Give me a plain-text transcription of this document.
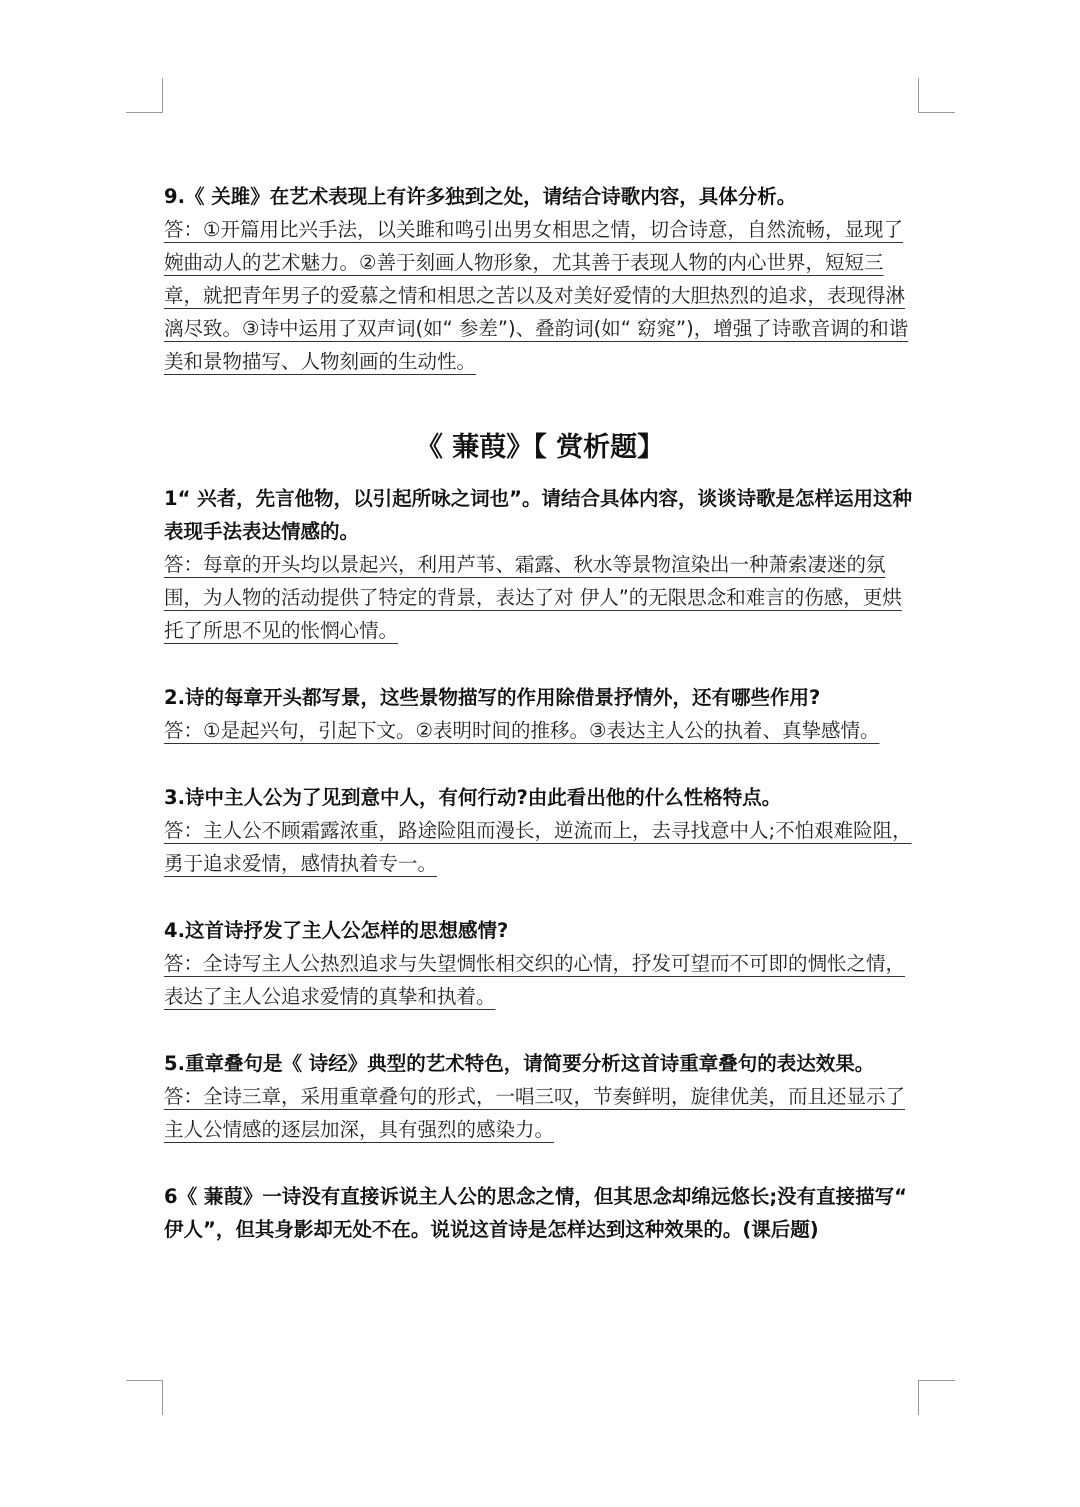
9.《 关雎》在艺术表现上有许多独到之处，请结合诗歌内容，具体分析。

答：①开篇用比兴手法，以关雎和鸣引出男女相思之情，切合诗意，自然流畅，显现了婉曲动人的艺术魅力。②善于刻画人物形象，尤其善于表现人物的内心世界，短短三章，就把青年男子的爱慕之情和相思之苦以及对美好爱情的大胆热烈的追求，表现得淋漓尽致。③诗中运用了双声词(如“ 参差”)、叠韵词(如“ 窈窕”)，增强了诗歌音调的和谐美和景物描写、人物刻画的生动性。

《 蒹葭》【 赏析题】

1“ 兴者，先言他物，以引起所咏之词也”。请结合具体内容，谈谈诗歌是怎样运用这种表现手法表达情感的。

答：每章的开头均以景起兴，利用芦苇、霜露、秋水等景物渲染出一种萧索凄迷的氛围，为人物的活动提供了特定的背景，表达了对 伊人”的无限思念和难言的伤感，更烘托了所思不见的怅惘心情。

2.诗的每章开头都写景，这些景物描写的作用除借景抒情外，还有哪些作用?

答：①是起兴句，引起下文。②表明时间的推移。③表达主人公的执着、真挚感情。

3.诗中主人公为了见到意中人，有何行动?由此看出他的什么性格特点。

答：主人公不顾霜露浓重，路途险阻而漫长，逆流而上，去寻找意中人;不怕艰难险阻，勇于追求爱情，感情执着专一。

4.这首诗抒发了主人公怎样的思想感情?

答：全诗写主人公热烈追求与失望惆怅相交织的心情，抒发可望而不可即的惆怅之情，表达了主人公追求爱情的真挚和执着。

5.重章叠句是《 诗经》典型的艺术特色，请简要分析这首诗重章叠句的表达效果。

答：全诗三章，采用重章叠句的形式，一唱三叹，节奏鲜明，旋律优美，而且还显示了主人公情感的逐层加深，具有强烈的感染力。

6《 蒹葭》一诗没有直接诉说主人公的思念之情，但其思念却绵远悠长;没有直接描写“ 伊人”，但其身影却无处不在。说说这首诗是怎样达到这种效果的。(课后题)
